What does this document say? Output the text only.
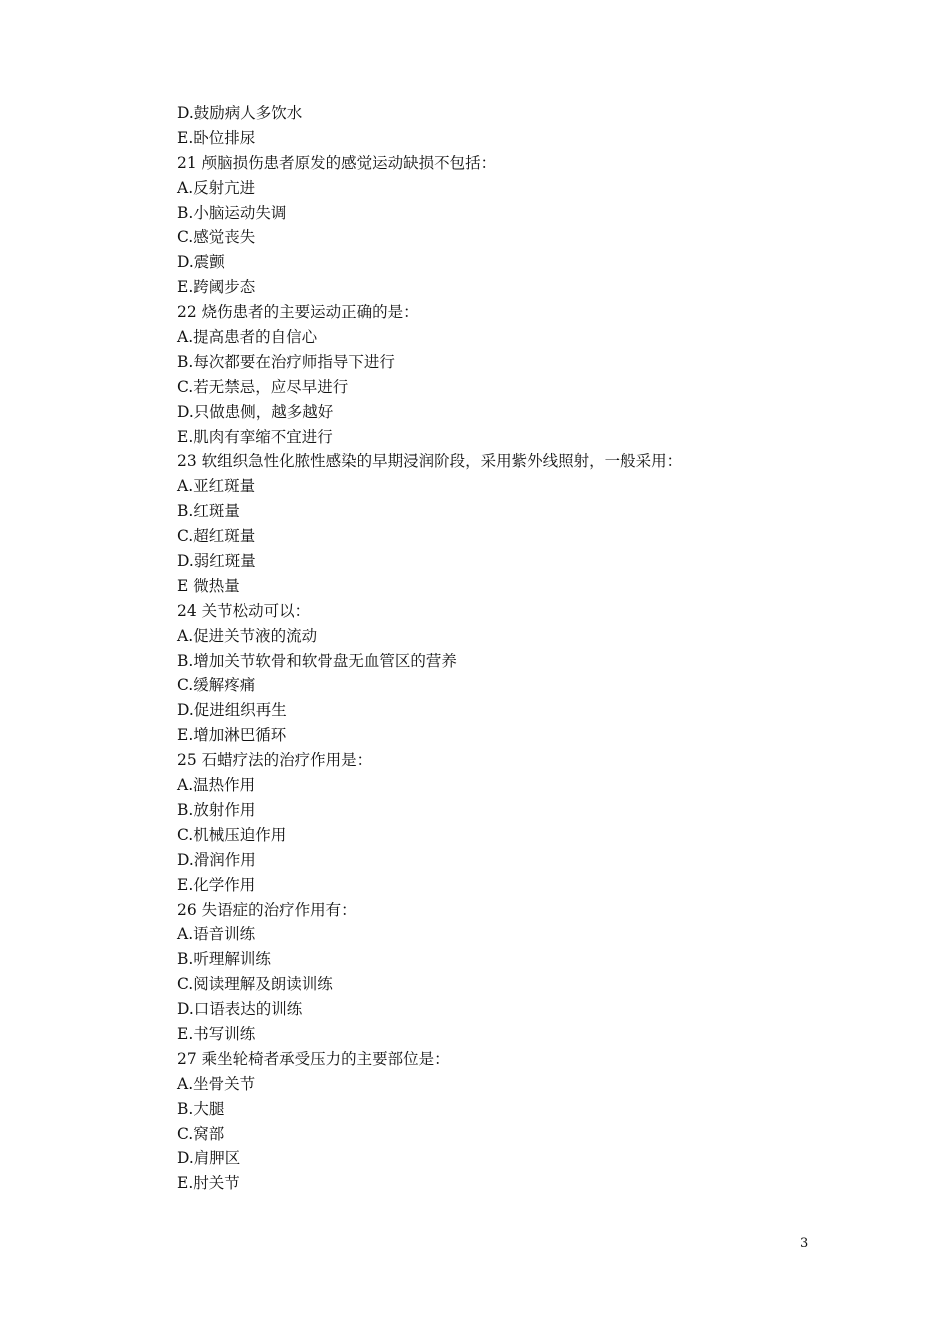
D.鼓励病人多饮水
E.卧位排尿
21 颅脑损伤患者原发的感觉运动缺损不包括：
A.反射亢进
B.小脑运动失调
C.感觉丧失
D.震颤
E.跨阈步态
22 烧伤患者的主要运动正确的是：
A.提高患者的自信心
B.每次都要在治疗师指导下进行
C.若无禁忌，应尽早进行
D.只做患侧，越多越好
E.肌肉有挛缩不宜进行
23 软组织急性化脓性感染的早期浸润阶段，采用紫外线照射，一般采用：
A.亚红斑量
B.红斑量
C.超红斑量
D.弱红斑量
E 微热量
24 关节松动可以：
A.促进关节液的流动
B.增加关节软骨和软骨盘无血管区的营养
C.缓解疼痛
D.促进组织再生
E.增加淋巴循环
25 石蜡疗法的治疗作用是：
A.温热作用
B.放射作用
C.机械压迫作用
D.滑润作用
E.化学作用
26 失语症的治疗作用有：
A.语音训练
B.听理解训练
C.阅读理解及朗读训练
D.口语表达的训练
E.书写训练
27 乘坐轮椅者承受压力的主要部位是：
A.坐骨关节
B.大腿
C.窝部
D.肩胛区
E.肘关节
3
